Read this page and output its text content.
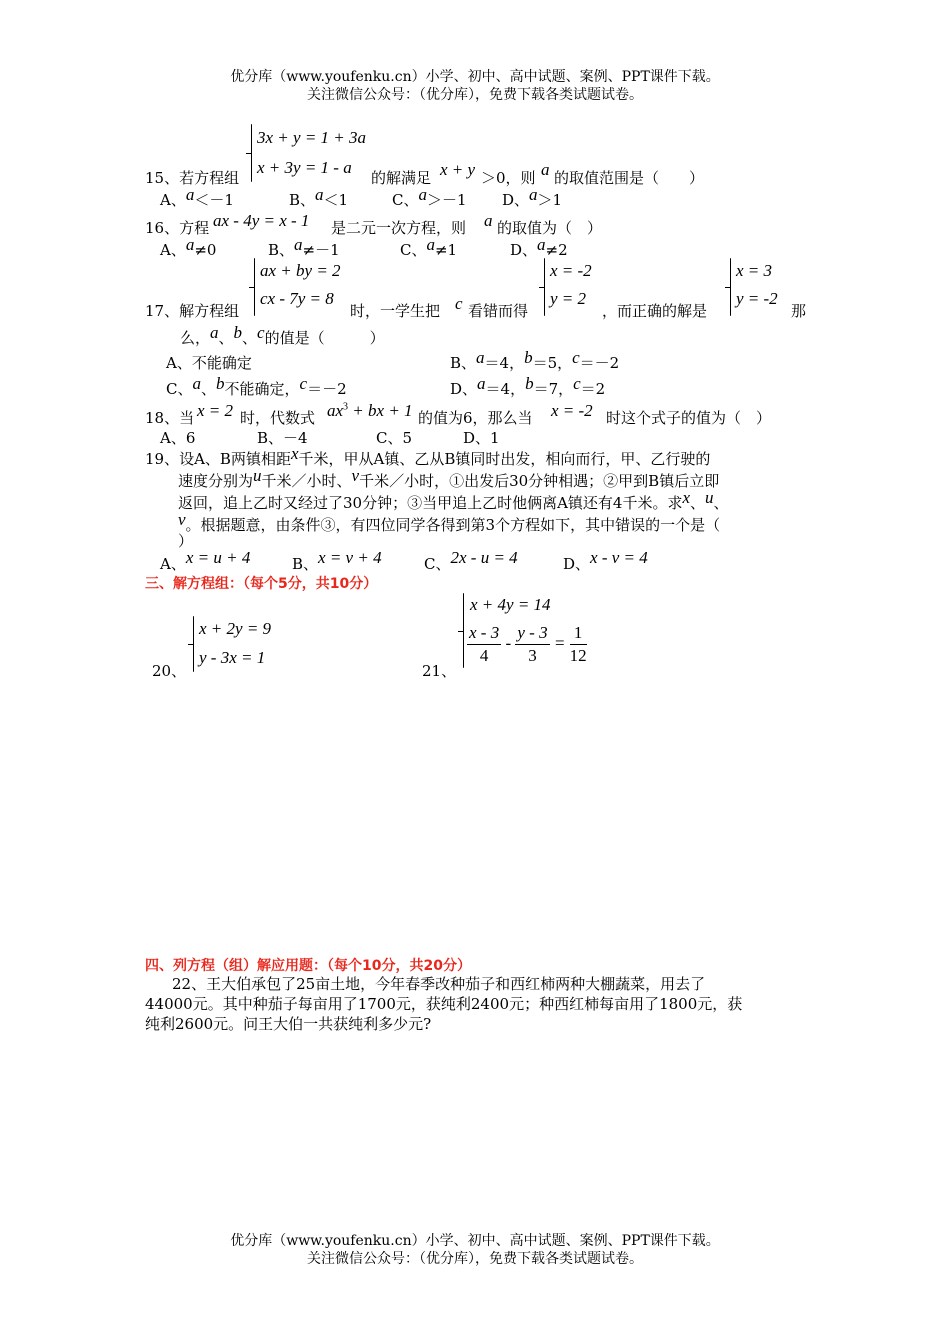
优分库（www.youfenku.cn）小学、初中、高中试题、案例、PPT课件下载。
关注微信公众号：（优分库），免费下载各类试题试卷。
3x + y = 1 + 3a
x + 3y = 1 - a
15、若方程组	的解满足 x + y ＞0，则 a 的取值范围是（　　）
A、a＜－1	B、a＜1	C、a＞－1 D、a＞1
16、方程 ax - 4y = x - 1 是二元一次方程，则 a 的取值为（　）
A、a≠0	B、a≠－1	C、a≠1	D、a≠2
17、解方程组
ax + by = 2
cx - 7y = 8
时，一学生把 c 看错而得
x = -2
y = 2
，而正确的解是
x = 3
y = -2
那
么，a、b、c的值是（　　　）
A、不能确定	B、a＝4，b＝5，c＝－2
C、a、b不能确定，c＝－2	D、a＝4，b＝7，c＝2
18、当 x = 2 时，代数式 $ax^3$ + bx + 1 的值为6，那么当 x = -2 时这个式子的值为（　）
A、6	B、－4	C、5	D、1
19、设A、B两镇相距x千米，甲从A镇、乙从B镇同时出发，相向而行，甲、乙行驶的
速度分别为u千米／小时、v千米／小时，①出发后30分钟相遇；②甲到B镇后立即
返回，追上乙时又经过了30分钟；③当甲追上乙时他俩离A镇还有4千米。求x、u、
v。根据题意，由条件③，有四位同学各得到第3个方程如下，其中错误的一个是（
）
A、x = u + 4	B、x = v + 4	C、2x - u = 4	D、x - v = 4
三、解方程组：（每个5分，共10分）
20、
x + 2y = 9
y - 3x = 1
21、
x + 4y = 14
$\frac{x - 3}{4} - \frac{y - 3}{3} = \frac{1}{12}$
四、列方程（组）解应用题：（每个10分，共20分）
22、王大伯承包了25亩土地，今年春季改种茄子和西红柿两种大棚蔬菜，用去了
44000元。其中种茄子每亩用了1700元，获纯利2400元；种西红柿每亩用了1800元，获
纯利2600元。问王大伯一共获纯利多少元?
优分库（www.youfenku.cn）小学、初中、高中试题、案例、PPT课件下载。
关注微信公众号：（优分库），免费下载各类试题试卷。
